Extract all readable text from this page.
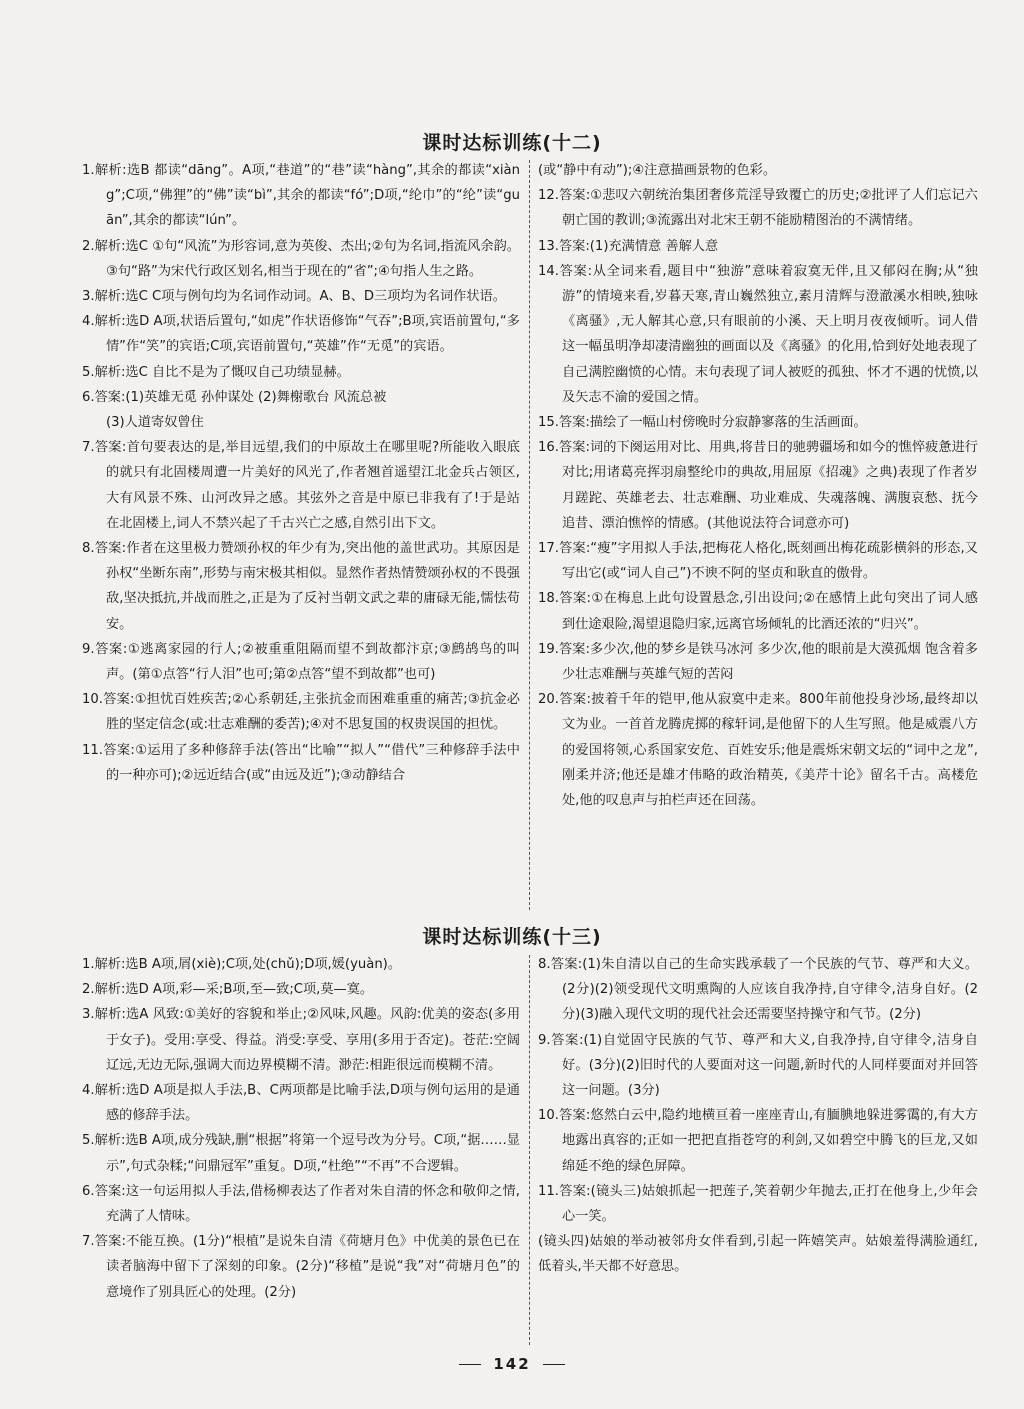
课时达标训练(十二)
1.解析:选B 都读“dāng”。A项,“巷道”的“巷”读“hàng”,其余的都读“xiàng”;C项,“佛狸”的“佛”读“bì”,其余的都读“fó”;D项,“纶巾”的“纶”读“guān”,其余的都读“lún”。
2.解析:选C ①句“风流”为形容词,意为英俊、杰出;②句为名词,指流风余韵。③句“路”为宋代行政区划名,相当于现在的“省”;④句指人生之路。
3.解析:选C C项与例句均为名词作动词。A、B、D三项均为名词作状语。
4.解析:选D A项,状语后置句,“如虎”作状语修饰“气吞”;B项,宾语前置句,“多情”作“笑”的宾语;C项,宾语前置句,“英雄”作“无觅”的宾语。
5.解析:选C 自比不是为了慨叹自己功绩显赫。
6.答案:(1)英雄无觅 孙仲谋处 (2)舞榭歌台 风流总被
(3)人道寄奴曾住
7.答案:首句要表达的是,举目远望,我们的中原故土在哪里呢?所能收入眼底的就只有北固楼周遭一片美好的风光了,作者翘首遥望江北金兵占领区,大有风景不殊、山河改异之感。其弦外之音是中原已非我有了!于是站在北固楼上,词人不禁兴起了千古兴亡之感,自然引出下文。
8.答案:作者在这里极力赞颂孙权的年少有为,突出他的盖世武功。其原因是孙权“坐断东南”,形势与南宋极其相似。显然作者热情赞颂孙权的不畏强敌,坚决抵抗,并战而胜之,正是为了反衬当朝文武之辈的庸碌无能,懦怯苟安。
9.答案:①逃离家园的行人;②被重重阻隔而望不到故都汴京;③鹧鸪鸟的叫声。(第①点答“行人泪”也可;第②点答“望不到故都”也可)
10.答案:①担忧百姓疾苦;②心系朝廷,主张抗金而困难重重的痛苦;③抗金必胜的坚定信念(或:壮志难酬的委苦);④对不思复国的权贵误国的担忧。
11.答案:①运用了多种修辞手法(答出“比喻”“拟人”“借代”三种修辞手法中的一种亦可);②远近结合(或“由远及近”);③动静结合
(或“静中有动”);④注意描画景物的色彩。
12.答案:①悲叹六朝统治集团奢侈荒淫导致覆亡的历史;②批评了人们忘记六朝亡国的教训;③流露出对北宋王朝不能励精图治的不满情绪。
13.答案:(1)充满情意 善解人意
14.答案:从全词来看,题目中“独游”意味着寂寞无伴,且又郁闷在胸;从“独游”的情境来看,岁暮天寒,青山巍然独立,素月清辉与澄澈溪水相映,独咏《离骚》,无人解其心意,只有眼前的小溪、天上明月夜夜倾听。词人借这一幅虽明净却凄清幽独的画面以及《离骚》的化用,恰到好处地表现了自己满腔幽愤的心情。末句表现了词人被贬的孤独、怀才不遇的忧愤,以及矢志不渝的爱国之情。
15.答案:描绘了一幅山村傍晚时分寂静寥落的生活画面。
16.答案:词的下阕运用对比、用典,将昔日的驰骋疆场和如今的憔悴疲惫进行对比;用诸葛亮挥羽扇整纶巾的典故,用屈原《招魂》之典)表现了作者岁月蹉跎、英雄老去、壮志难酬、功业难成、失魂落魄、满腹哀愁、抚今追昔、漂泊憔悴的情感。(其他说法符合词意亦可)
17.答案:“瘦”字用拟人手法,把梅花人格化,既刻画出梅花疏影横斜的形态,又写出它(或“词人自己”)不谀不阿的坚贞和耿直的傲骨。
18.答案:①在梅息上此句设置悬念,引出设问;②在感情上此句突出了词人感到仕途艰险,渴望退隐归家,远离官场倾轧的比酒还浓的“归兴”。
19.答案:多少次,他的梦乡是铁马冰河 多少次,他的眼前是大漠孤烟 饱含着多少壮志难酬与英雄气短的苦闷
20.答案:披着千年的铠甲,他从寂寞中走来。800年前他投身沙场,最终却以文为业。一首首龙腾虎掷的稼轩词,是他留下的人生写照。他是威震八方的爱国将领,心系国家安危、百姓安乐;他是震烁宋朝文坛的“词中之龙”,刚柔并济;他还是雄才伟略的政治精英,《美芹十论》留名千古。高楼危处,他的叹息声与拍栏声还在回荡。
课时达标训练(十三)
1.解析:选B A项,屑(xiè);C项,处(chǔ);D项,媛(yuàn)。
2.解析:选D A项,彩—采;B项,至—致;C项,莫—寞。
3.解析:选A 风致:①美好的容貌和举止;②风味,风趣。风韵:优美的姿态(多用于女子)。受用:享受、得益。消受:享受、享用(多用于否定)。苍茫:空阔辽远,无边无际,强调大而边界模糊不清。渺茫:相距很远而模糊不清。
4.解析:选D A项是拟人手法,B、C两项都是比喻手法,D项与例句运用的是通感的修辞手法。
5.解析:选B A项,成分残缺,删“根据”将第一个逗号改为分号。C项,“据……显示”,句式杂糅;“问鼎冠军”重复。D项,“杜绝”“不再”不合逻辑。
6.答案:这一句运用拟人手法,借杨柳表达了作者对朱自清的怀念和敬仰之情,充满了人情味。
7.答案:不能互换。(1分)“根植”是说朱自清《荷塘月色》中优美的景色已在读者脑海中留下了深刻的印象。(2分)“移植”是说“我”对“荷塘月色”的意境作了别具匠心的处理。(2分)
8.答案:(1)朱自清以自己的生命实践承载了一个民族的气节、尊严和大义。(2分)(2)领受现代文明熏陶的人应该自我净持,自守律令,洁身自好。(2分)(3)融入现代文明的现代社会还需要坚持操守和气节。(2分)
9.答案:(1)自觉固守民族的气节、尊严和大义,自我净持,自守律令,洁身自好。(3分)(2)旧时代的人要面对这一问题,新时代的人同样要面对并回答这一问题。(3分)
10.答案:悠然白云中,隐约地横亘着一座座青山,有腼腆地躲进雾霭的,有大方地露出真容的;正如一把把直指苍穹的利剑,又如碧空中腾飞的巨龙,又如绵延不绝的绿色屏障。
11.答案:(镜头三)姑娘抓起一把莲子,笑着朝少年抛去,正打在他身上,少年会心一笑。
(镜头四)姑娘的举动被邻舟女伴看到,引起一阵嬉笑声。姑娘羞得满脸通红,低着头,半天都不好意思。
142
